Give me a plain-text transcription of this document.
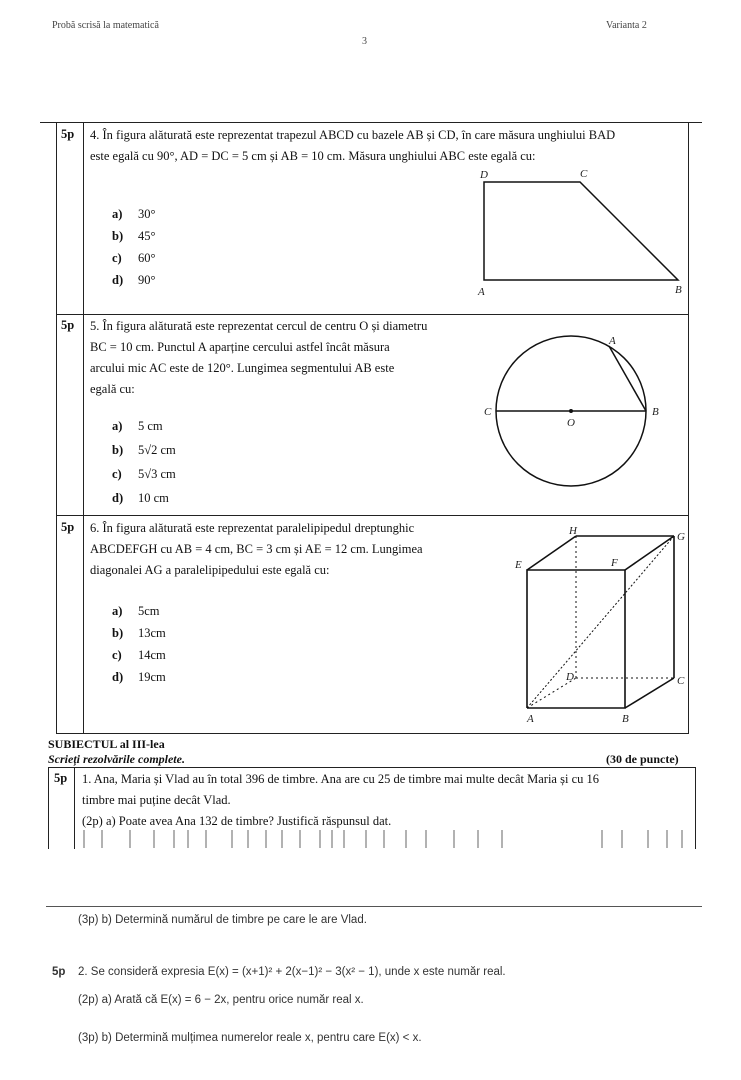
Probă scrisă la matematică	Varianta 2
3
5p 4. În figura alăturată este reprezentat trapezul ABCD cu bazele AB și CD, în care măsura unghiului BAD
este egală cu 90°, AD = DC = 5 cm și AB = 10 cm. Măsura unghiului ABC este egală cu:
a) 30°
b) 45°
c) 60°
d) 90°
D	C
A	B
5p 5. În figura alăturată este reprezentat cercul de centru O și diametru
BC = 10 cm. Punctul A aparține cercului astfel încât măsura
arcului mic AC este de 120°. Lungimea segmentului AB este
egală cu:
a) 5 cm
b) 5√2 cm
c) 5√3 cm
d) 10 cm
A
B
C
O
5p 6. În figura alăturată este reprezentat paralelipipedul dreptunghic
ABCDEFGH cu AB = 4 cm, BC = 3 cm și AE = 12 cm. Lungimea
diagonalei AG a paralelipipedului este egală cu:
a) 5cm
b) 13cm
c) 14cm
d) 19cm
A	B
C
D
E	F
G
H
SUBIECTUL al III-lea
Scrieți rezolvările complete.	(30 de puncte)
5p 1. Ana, Maria și Vlad au în total 396 de timbre. Ana are cu 25 de timbre mai multe decât Maria și cu 16
timbre mai puține decât Vlad.
(2p) a) Poate avea Ana 132 de timbre? Justifică răspunsul dat.
(3p) b) Determină numărul de timbre pe care le are Vlad.
5p 2. Se consideră expresia E(x) = (x+1)² + 2(x−1)² − 3(x² − 1), unde x este număr real.
(2p) a) Arată că E(x) = 6 − 2x, pentru orice număr real x.
(3p) b) Determină mulțimea numerelor reale x, pentru care E(x) < x.
